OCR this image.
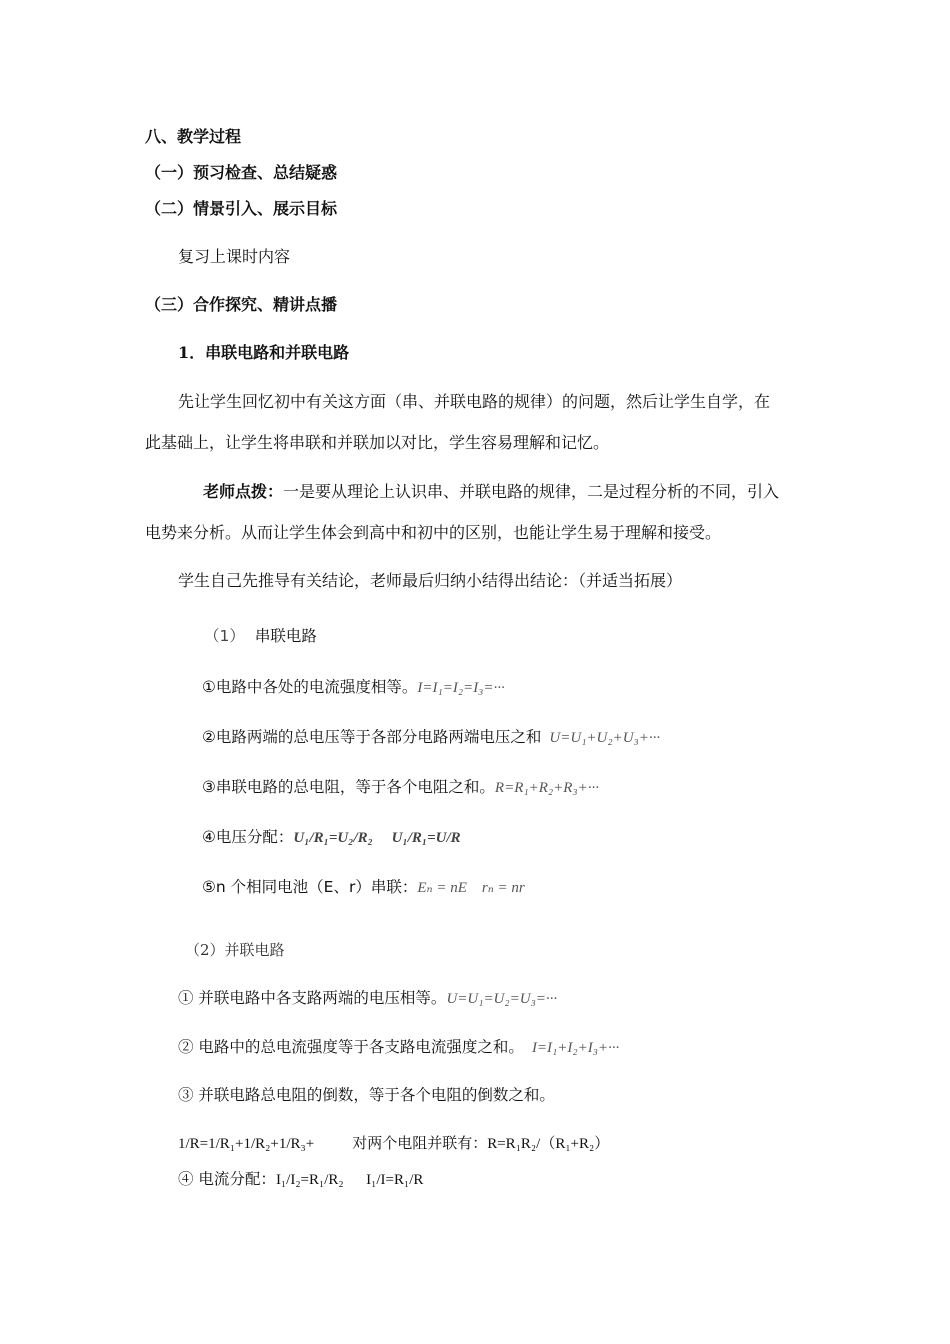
八、教学过程
（一）预习检查、总结疑惑
（二）情景引入、展示目标
复习上课时内容
（三）合作探究、精讲点播
1．串联电路和并联电路
先让学生回忆初中有关这方面（串、并联电路的规律）的问题，然后让学生自学，在
此基础上，让学生将串联和并联加以对比，学生容易理解和记忆。
老师点拨：一是要从理论上认识串、并联电路的规律，二是过程分析的不同，引入
电势来分析。从而让学生体会到高中和初中的区别，也能让学生易于理解和接受。
学生自己先推导有关结论，老师最后归纳小结得出结论：（并适当拓展）
（1） 串联电路
①电路中各处的电流强度相等。I=I₁=I₂=I₃=···
②电路两端的总电压等于各部分电路两端电压之和 U=U₁+U₂+U₃+···
③串联电路的总电阻，等于各个电阻之和。R=R₁+R₂+R₃+···
④电压分配：U₁/R₁=U₂/R₂     U₁/R₁=U/R
⑤n 个相同电池（E、r）串联：Eₙ = nE    rₙ = nr
（2）并联电路
① 并联电路中各支路两端的电压相等。U=U₁=U₂=U₃=···
② 电路中的总电流强度等于各支路电流强度之和。 I=I₁+I₂+I₃+···
③ 并联电路总电阻的倒数，等于各个电阻的倒数之和。
1/R=1/R₁+1/R₂+1/R₃+	对两个电阻并联有：R=R₁R₂/（R₁+R₂）
④ 电流分配：I₁/I₂=R₁/R₂      I₁/I=R₁/R
